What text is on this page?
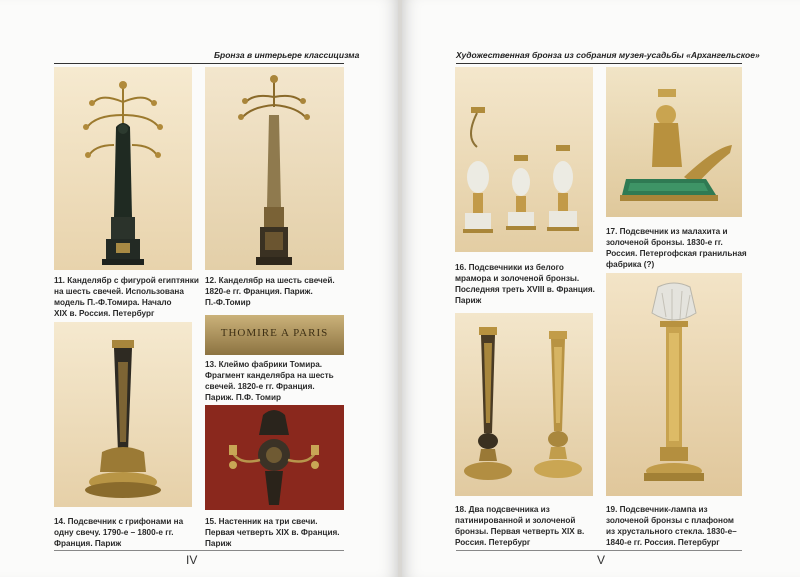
Бронза в интерьере классицизма
11. Канделябр с фигурой египтянки
на шесть свечей. Использована
модель П.-Ф.Томира. Начало
XIX в. Россия. Петербург
12. Канделябр на шесть свечей.
1820-е гг. Франция. Париж.
П.-Ф.Томир
THOMIRE A PARIS
13. Клеймо фабрики Томира.
Фрагмент канделябра на шесть
свечей. 1820-е гг. Франция.
Париж. П.Ф. Томир
14. Подсвечник с грифонами на
одну свечу. 1790-е – 1800-е гг.
Франция. Париж
15. Настенник на три свечи.
Первая четверть XIX в. Франция.
Париж
IV
Художественная бронза из собрания музея-усадьбы «Архангельское»
16. Подсвечники из белого
мрамора и золоченой бронзы.
Последняя треть XVIII в. Франция.
Париж
17. Подсвечник из малахита и
золоченой бронзы. 1830-е гг.
Россия. Петергофская гранильная
фабрика (?)
18. Два подсвечника из
патинированной и золоченой
бронзы. Первая четверть XIX в.
Россия. Петербург
19. Подсвечник-лампа из
золоченой бронзы с плафоном
из хрустального стекла. 1830-е–
1840-е гг. Россия. Петербург
V
